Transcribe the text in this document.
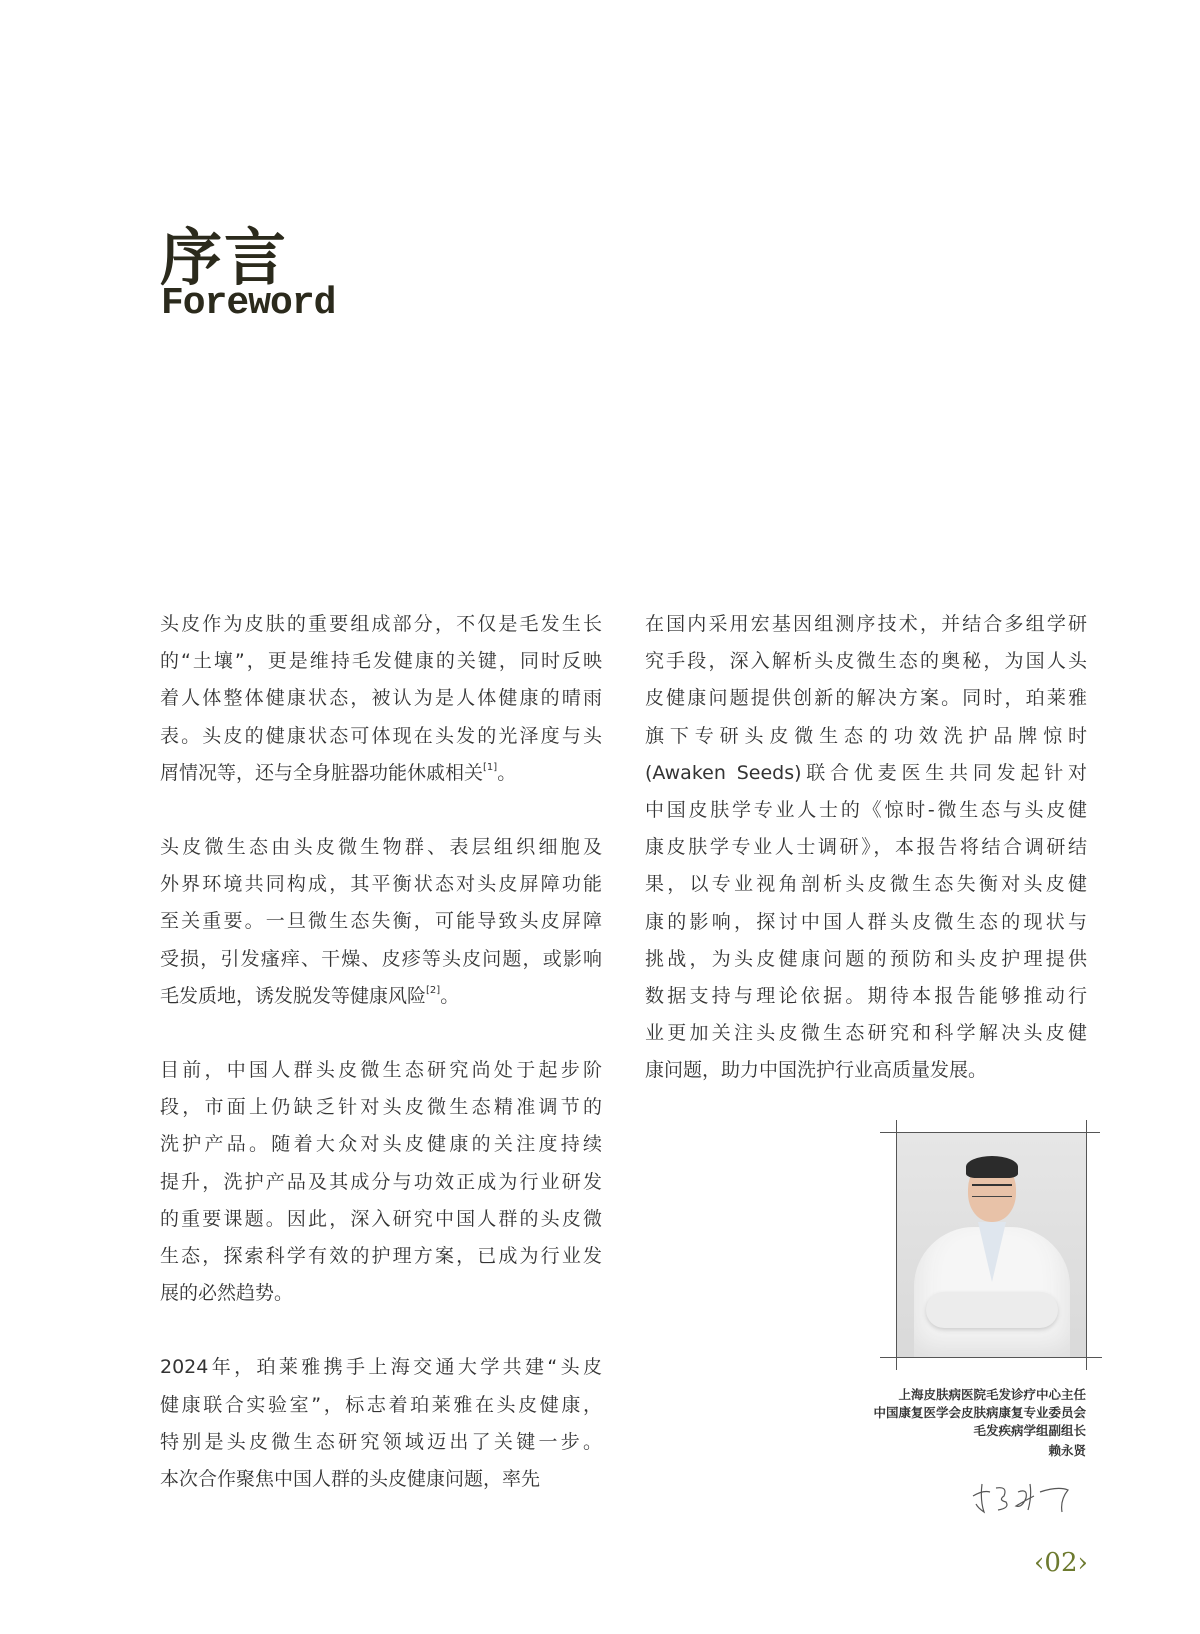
序言
Foreword
头皮作为皮肤的重要组成部分，不仅是毛发生长
的“土壤”，更是维持毛发健康的关键，同时反映
着人体整体健康状态，被认为是人体健康的晴雨
表。头皮的健康状态可体现在头发的光泽度与头
屑情况等，还与全身脏器功能休戚相关[1]。
头皮微生态由头皮微生物群、表层组织细胞及
外界环境共同构成，其平衡状态对头皮屏障功能
至关重要。一旦微生态失衡，可能导致头皮屏障
受损，引发瘙痒、干燥、皮疹等头皮问题，或影响
毛发质地，诱发脱发等健康风险[2]。
目前，中国人群头皮微生态研究尚处于起步阶
段，市面上仍缺乏针对头皮微生态精准调节的
洗护产品。随着大众对头皮健康的关注度持续
提升，洗护产品及其成分与功效正成为行业研发
的重要课题。因此，深入研究中国人群的头皮微
生态，探索科学有效的护理方案，已成为行业发
展的必然趋势。
2024年，珀莱雅携手上海交通大学共建“头皮
健康联合实验室”，标志着珀莱雅在头皮健康，
特别是头皮微生态研究领域迈出了关键一步。
本次合作聚焦中国人群的头皮健康问题，率先
在国内采用宏基因组测序技术，并结合多组学研
究手段，深入解析头皮微生态的奥秘，为国人头
皮健康问题提供创新的解决方案。同时，珀莱雅
旗下专研头皮微生态的功效洗护品牌惊时
(Awaken Seeds)联合优麦医生共同发起针对
中国皮肤学专业人士的《惊时-微生态与头皮健
康皮肤学专业人士调研》，本报告将结合调研结
果，以专业视角剖析头皮微生态失衡对头皮健
康的影响，探讨中国人群头皮微生态的现状与
挑战，为头皮健康问题的预防和头皮护理提供
数据支持与理论依据。期待本报告能够推动行
业更加关注头皮微生态研究和科学解决头皮健
康问题，助力中国洗护行业高质量发展。
上海皮肤病医院毛发诊疗中心主任
中国康复医学会皮肤病康复专业委员会
毛发疾病学组副组长
赖永贤
‹02›
